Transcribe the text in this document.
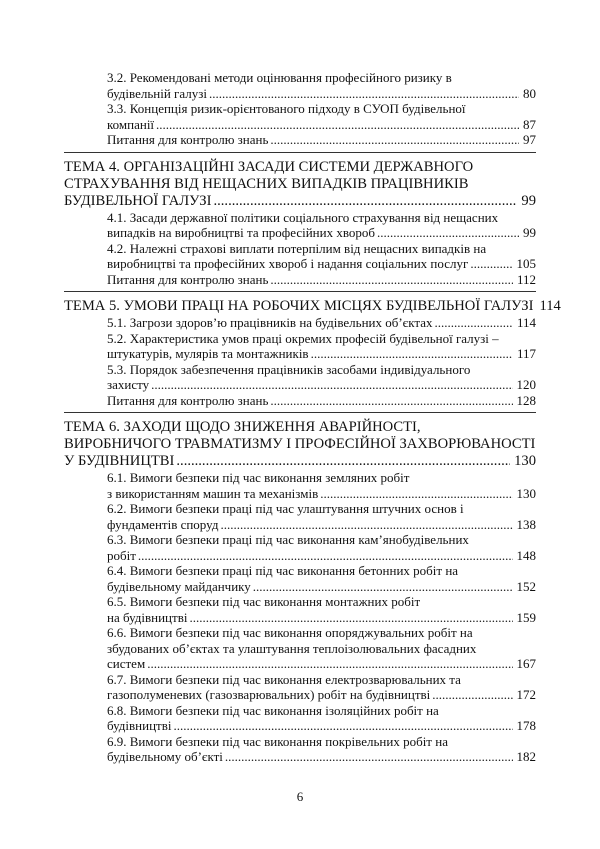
3.2. Рекомендовані методи оцінювання професійного ризику в
будівельній галузі .....	80
3.3. Концепція ризик-орієнтованого підходу в СУОП будівельної
компанії .....	87
Питання для контролю знань .....	97
ТЕМА 4. ОРГАНІЗАЦІЙНІ ЗАСАДИ СИСТЕМИ ДЕРЖАВНОГО
СТРАХУВАННЯ ВІД НЕЩАСНИХ ВИПАДКІВ ПРАЦІВНИКІВ
БУДІВЕЛЬНОЇ ГАЛУЗІ .....	99
4.1. Засади державної політики соціального страхування від нещасних
випадків на виробництві та професійних хвороб .....	99
4.2. Належні страхові виплати потерпілим від нещасних випадків на
виробництві та професійних хвороб і надання соціальних послуг .....	105
Питання для контролю знань .....	112
ТЕМА 5. УМОВИ ПРАЦІ НА РОБОЧИХ МІСЦЯХ БУДІВЕЛЬНОЇ ГАЛУЗІ 114
5.1. Загрози здоров’ю працівників на будівельних об’єктах .....	114
5.2. Характеристика умов праці окремих професій будівельної галузі –
штукатурів, мулярів та монтажників .....	117
5.3. Порядок забезпечення працівників засобами індивідуального
захисту .....	120
Питання для контролю знань .....	128
ТЕМА 6. ЗАХОДИ ЩОДО ЗНИЖЕННЯ АВАРІЙНОСТІ,
ВИРОБНИЧОГО ТРАВМАТИЗМУ І ПРОФЕСІЙНОЇ ЗАХВОРЮВАНОСТІ
У БУДІВНИЦТВІ .....	130
6.1. Вимоги безпеки під час виконання земляних робіт
з використанням машин та механізмів .....	130
6.2. Вимоги безпеки праці під час улаштування штучних основ і
фундаментів споруд .....	138
6.3. Вимоги безпеки праці під час виконання кам’янобудівельних
робіт .....	148
6.4. Вимоги безпеки праці під час виконання бетонних робіт на
будівельному майданчику .....	152
6.5. Вимоги безпеки під час виконання монтажних робіт
на будівництві .....	159
6.6. Вимоги безпеки під час виконання опоряджувальних робіт на
збудованих об’єктах та улаштування теплоізолювальних фасадних
систем .....	167
6.7. Вимоги безпеки під час виконання електрозварювальних та
газополуменевих (газозварювальних) робіт на будівництві .....	172
6.8. Вимоги безпеки під час виконання ізоляційних робіт на
будівництві .....	178
6.9. Вимоги безпеки під час виконання покрівельних робіт на
будівельному об’єкті .....	182
6
